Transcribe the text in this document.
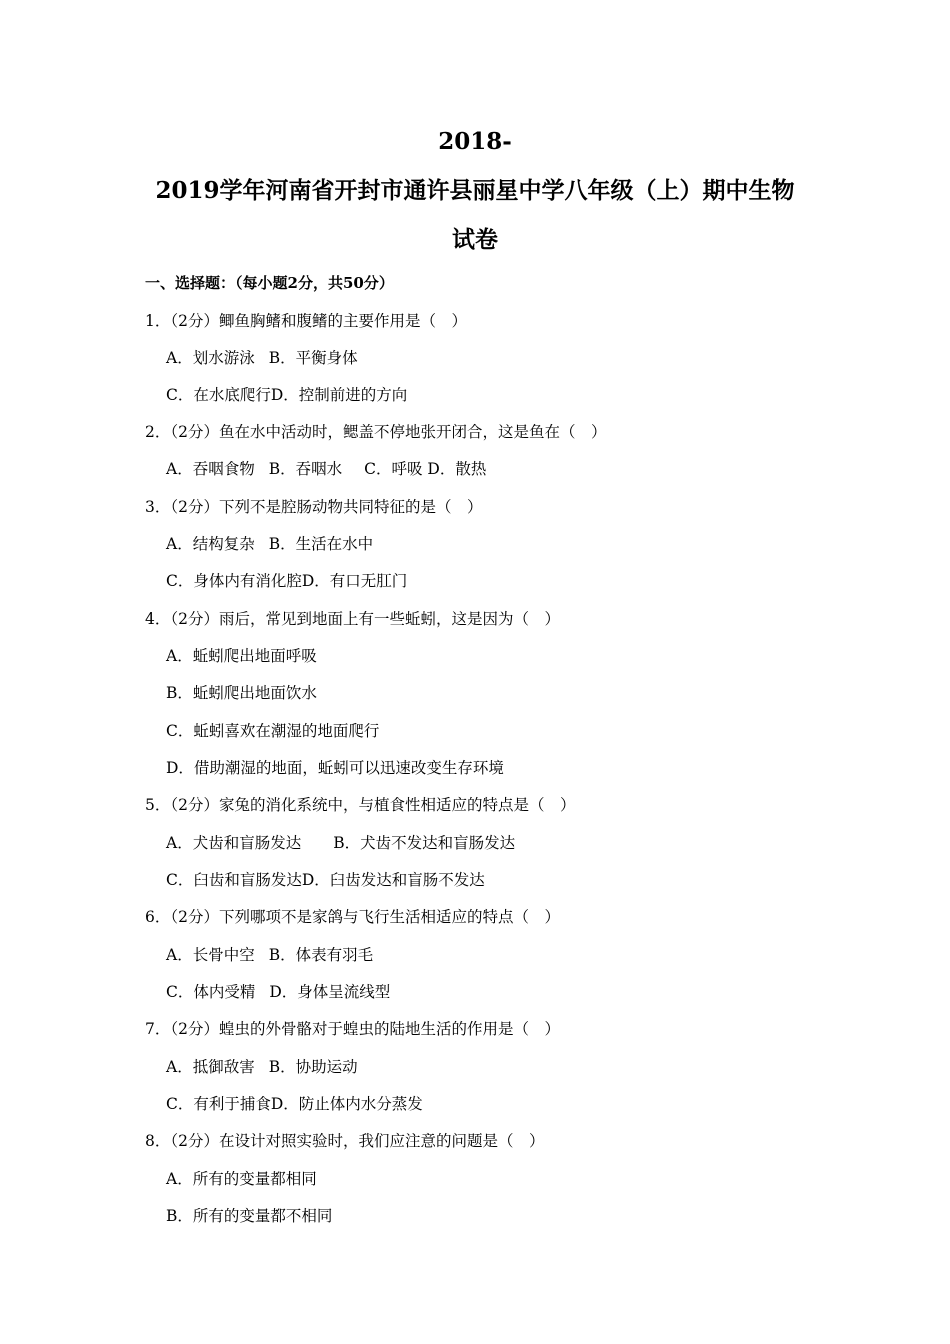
2018-
2019学年河南省开封市通许县丽星中学八年级（上）期中生物
试卷
一、选择题：（每小题2分，共50分）
1．（2分）鲫鱼胸鳍和腹鳍的主要作用是（　）
A．划水游泳 B．平衡身体
C．在水底爬行D．控制前进的方向
2．（2分）鱼在水中活动时，鳃盖不停地张开闭合，这是鱼在（　）
A．吞咽食物 B．吞咽水 C．呼吸 D．散热
3．（2分）下列不是腔肠动物共同特征的是（　）
A．结构复杂 B．生活在水中
C．身体内有消化腔D．有口无肛门
4．（2分）雨后，常见到地面上有一些蚯蚓，这是因为（　）
A．蚯蚓爬出地面呼吸
B．蚯蚓爬出地面饮水
C．蚯蚓喜欢在潮湿的地面爬行
D．借助潮湿的地面，蚯蚓可以迅速改变生存环境
5．（2分）家兔的消化系统中，与植食性相适应的特点是（　）
A．犬齿和盲肠发达 B．犬齿不发达和盲肠发达
C．臼齿和盲肠发达D．臼齿发达和盲肠不发达
6．（2分）下列哪项不是家鸽与飞行生活相适应的特点（　）
A．长骨中空 B．体表有羽毛
C．体内受精 D．身体呈流线型
7．（2分）蝗虫的外骨骼对于蝗虫的陆地生活的作用是（　）
A．抵御敌害 B．协助运动
C．有利于捕食D．防止体内水分蒸发
8．（2分）在设计对照实验时，我们应注意的问题是（　）
A．所有的变量都相同
B．所有的变量都不相同
